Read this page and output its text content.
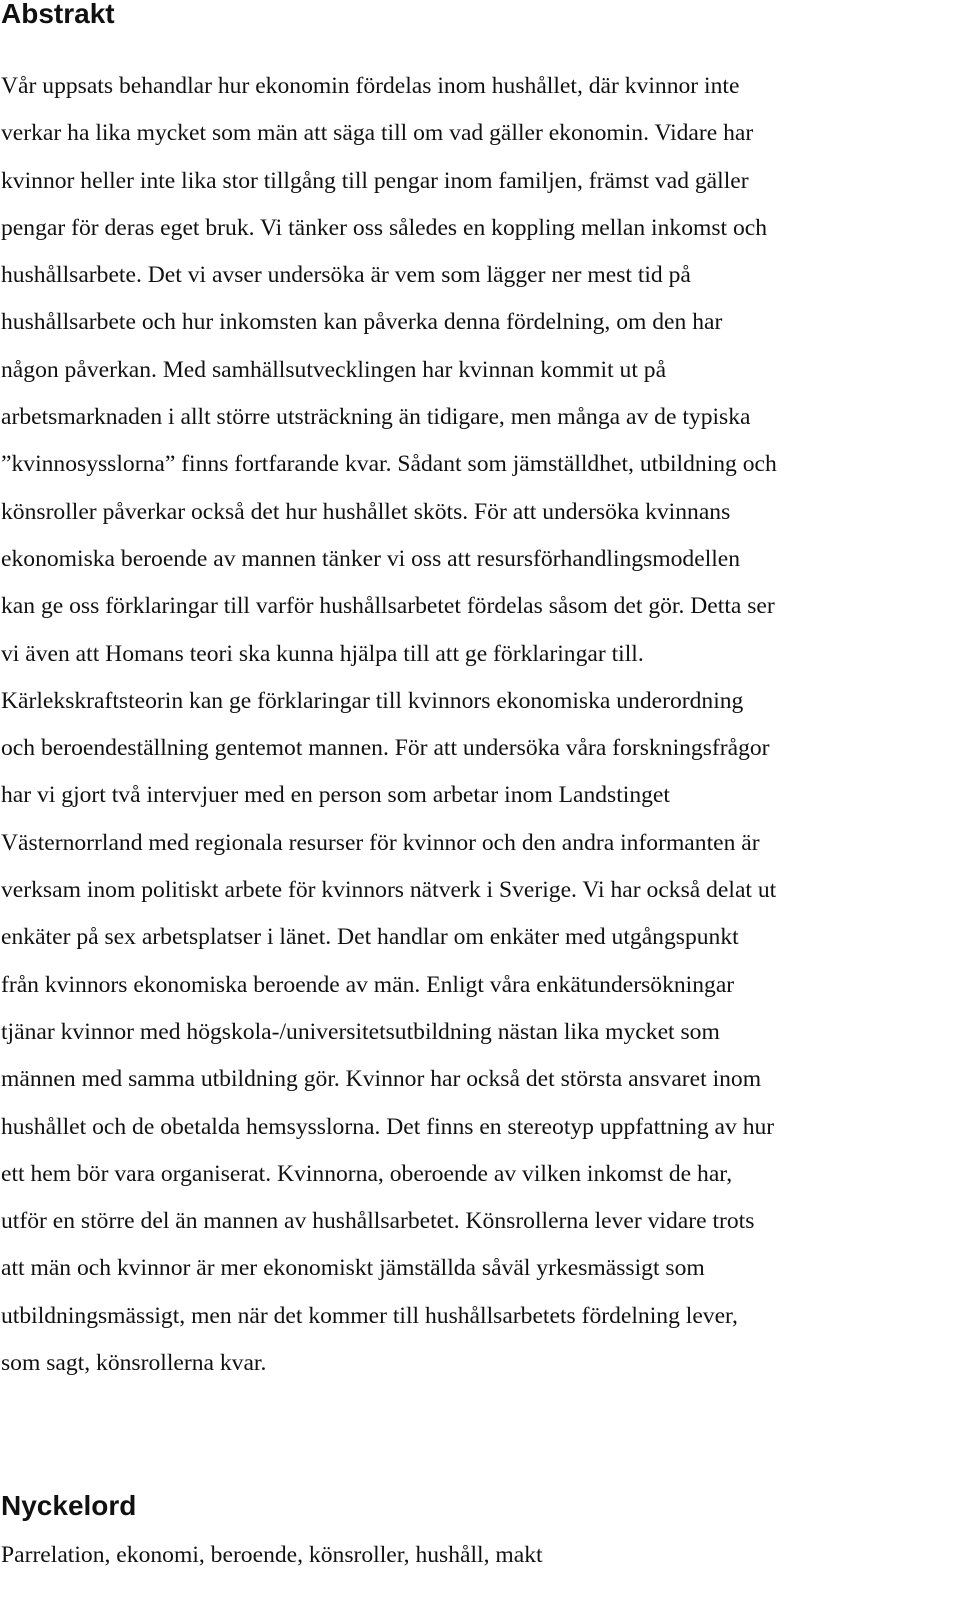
Abstrakt

Vår uppsats behandlar hur ekonomin fördelas inom hushållet, där kvinnor inte
verkar ha lika mycket som män att säga till om vad gäller ekonomin. Vidare har
kvinnor heller inte lika stor tillgång till pengar inom familjen, främst vad gäller
pengar för deras eget bruk. Vi tänker oss således en koppling mellan inkomst och
hushållsarbete. Det vi avser undersöka är vem som lägger ner mest tid på
hushållsarbete och hur inkomsten kan påverka denna fördelning, om den har
någon påverkan. Med samhällsutvecklingen har kvinnan kommit ut på
arbetsmarknaden i allt större utsträckning än tidigare, men många av de typiska
”kvinnosysslorna” finns fortfarande kvar. Sådant som jämställdhet, utbildning och
könsroller påverkar också det hur hushållet sköts. För att undersöka kvinnans
ekonomiska beroende av mannen tänker vi oss att resursförhandlingsmodellen
kan ge oss förklaringar till varför hushållsarbetet fördelas såsom det gör. Detta ser
vi även att Homans teori ska kunna hjälpa till att ge förklaringar till.
Kärlekskraftsteorin kan ge förklaringar till kvinnors ekonomiska underordning
och beroendeställning gentemot mannen. För att undersöka våra forskningsfrågor
har vi gjort två intervjuer med en person som arbetar inom Landstinget
Västernorrland med regionala resurser för kvinnor och den andra informanten är
verksam inom politiskt arbete för kvinnors nätverk i Sverige. Vi har också delat ut
enkäter på sex arbetsplatser i länet. Det handlar om enkäter med utgångspunkt
från kvinnors ekonomiska beroende av män. Enligt våra enkätundersökningar
tjänar kvinnor med högskola-/universitetsutbildning nästan lika mycket som
männen med samma utbildning gör. Kvinnor har också det största ansvaret inom
hushållet och de obetalda hemsysslorna. Det finns en stereotyp uppfattning av hur
ett hem bör vara organiserat. Kvinnorna, oberoende av vilken inkomst de har,
utför en större del än mannen av hushållsarbetet. Könsrollerna lever vidare trots
att män och kvinnor är mer ekonomiskt jämställda såväl yrkesmässigt som
utbildningsmässigt, men när det kommer till hushållsarbetets fördelning lever,
som sagt, könsrollerna kvar.

Nyckelord

Parrelation, ekonomi, beroende, könsroller, hushåll, makt
